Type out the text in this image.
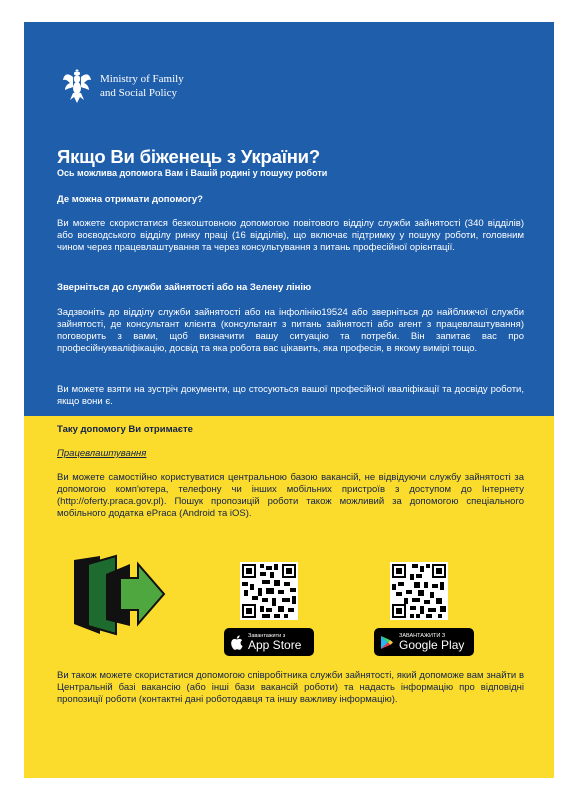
Ministry of Family
and Social Policy
Якщо Ви біженець з України?
Ось можлива допомога Вам і Вашій родині у пошуку роботи
Де можна отримати допомогу?
Ви можете скористатися безкоштовною допомогою повітового відділу служби зайнятості (340 відділів) або воєводського відділу ринку праці (16 відділів), що включає підтримку у пошуку роботи, головним чином через працевлаштування та через консультування з питань професійної орієнтації.
Зверніться до служби зайнятості або на Зелену лінію
Задзвоніть до відділу служби зайнятості або на інфолінію19524 або зверніться до найближчої служби зайнятості, де консультант клієнта (консультант з питань зайнятості або агент з працевлаштування) поговорить з вами, щоб визначити вашу ситуацію та потреби. Він запитає вас про професійнукваліфікацію, досвід та яка робота вас цікавить, яка професія, в якому вимірі тощо.
Ви можете взяти на зустріч документи, що стосуються вашої професійної кваліфікації та досвіду роботи, якщо вони є.
Таку допомогу Ви отримаєте
Працевлаштування
Ви можете самостійно користуватися центральною базою вакансій, не відвідуючи службу зайнятості за допомогою комп'ютера, телефону чи інших мобільних пристроїв з доступом до Інтернету (http://oferty.praca.gov.pl). Пошук пропозицій роботи також можливий за допомогою спеціального мобільного додатка ePraca (Android та iOS).
Завантажити з
App Store
ЗАВАНТАЖИТИ З
Google Play
Ви також можете скористатися допомогою співробітника служби зайнятості, який допоможе вам знайти в Центральній базі вакансію (або інші бази вакансій роботи) та надасть інформацію про відповідні пропозиції роботи (контактні дані роботодавця та іншу важливу інформацію).
